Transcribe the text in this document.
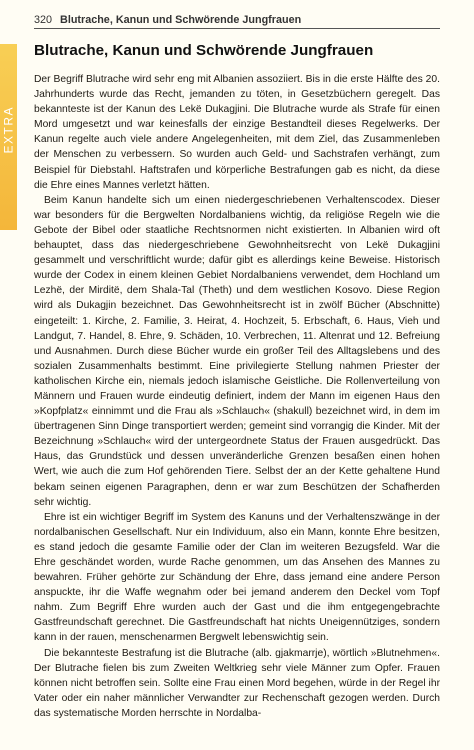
320 Blutrache, Kanun und Schwörende Jungfrauen
Blutrache, Kanun und Schwörende Jungfrauen

Der Begriff Blutrache wird sehr eng mit Albanien assoziiert. Bis in die erste Hälfte des 20. Jahrhunderts wurde das Recht, jemanden zu töten, in Gesetzbüchern geregelt. Das bekannteste ist der Kanun des Lekë Dukagjini. Die Blutrache wurde als Strafe für einen Mord umgesetzt und war keinesfalls der einzige Bestandteil dieses Regelwerks. Der Kanun regelte auch viele andere Angelegenheiten, mit dem Ziel, das Zusammenleben der Menschen zu verbessern. So wurden auch Geld- und Sachstrafen verhängt, zum Beispiel für Diebstahl. Haftstrafen und körperliche Bestrafungen gab es nicht, da diese die Ehre eines Mannes verletzt hätten.

Beim Kanun handelte sich um einen niedergeschriebenen Verhaltenscodex. Dieser war besonders für die Bergwelten Nordalbaniens wichtig, da religiöse Regeln wie die Gebote der Bibel oder staatliche Rechtsnormen nicht existierten. In Albanien wird oft behauptet, dass das niedergeschriebene Gewohnheitsrecht von Lekë Dukagjini gesammelt und verschriftlicht wurde; dafür gibt es allerdings keine Beweise. Historisch wurde der Codex in einem kleinen Gebiet Nordalbaniens verwendet, dem Hochland um Lezhë, der Mirditë, dem Shala-Tal (Theth) und dem westlichen Kosovo. Diese Region wird als Dukagjin bezeichnet. Das Gewohnheitsrecht ist in zwölf Bücher (Abschnitte) eingeteilt: 1. Kirche, 2. Familie, 3. Heirat, 4. Hochzeit, 5. Erbschaft, 6. Haus, Vieh und Landgut, 7. Handel, 8. Ehre, 9. Schäden, 10. Verbrechen, 11. Altenrat und 12. Befreiung und Ausnahmen. Durch diese Bücher wurde ein großer Teil des Alltagslebens und des sozialen Zusammenhalts bestimmt. Eine privilegierte Stellung nahmen Priester der katholischen Kirche ein, niemals jedoch islamische Geistliche. Die Rollenverteilung von Männern und Frauen wurde eindeutig definiert, indem der Mann im eigenen Haus den »Kopfplatz« einnimmt und die Frau als »Schlauch« (shakull) bezeichnet wird, in dem im übertragenen Sinn Dinge transportiert werden; gemeint sind vorrangig die Kinder. Mit der Bezeichnung »Schlauch« wird der untergeordnete Status der Frauen ausgedrückt. Das Haus, das Grundstück und dessen unveränderliche Grenzen besaßen einen hohen Wert, wie auch die zum Hof gehörenden Tiere. Selbst der an der Kette gehaltene Hund bekam seinen eigenen Paragraphen, denn er war zum Beschützen der Schafherden sehr wichtig.

Ehre ist ein wichtiger Begriff im System des Kanuns und der Verhaltenszwänge in der nordalbanischen Gesellschaft. Nur ein Individuum, also ein Mann, konnte Ehre besitzen, es stand jedoch die gesamte Familie oder der Clan im weiteren Bezugsfeld. War die Ehre geschändet worden, wurde Rache genommen, um das Ansehen des Mannes zu bewahren. Früher gehörte zur Schändung der Ehre, dass jemand eine andere Person anspuckte, ihr die Waffe wegnahm oder bei jemand anderem den Deckel vom Topf nahm. Zum Begriff Ehre wurden auch der Gast und die ihm entgegengebrachte Gastfreundschaft gerechnet. Die Gastfreundschaft hat nichts Uneigennütziges, sondern kann in der rauen, menschenarmen Bergwelt lebenswichtig sein.

Die bekannteste Bestrafung ist die Blutrache (alb. gjakmarrje), wörtlich »Blutnehmen«. Der Blutrache fielen bis zum Zweiten Weltkrieg sehr viele Männer zum Opfer. Frauen können nicht betroffen sein. Sollte eine Frau einen Mord begehen, würde in der Regel ihr Vater oder ein naher männlicher Verwandter zur Rechenschaft gezogen werden. Durch das systematische Morden herrschte in Nordalba-
